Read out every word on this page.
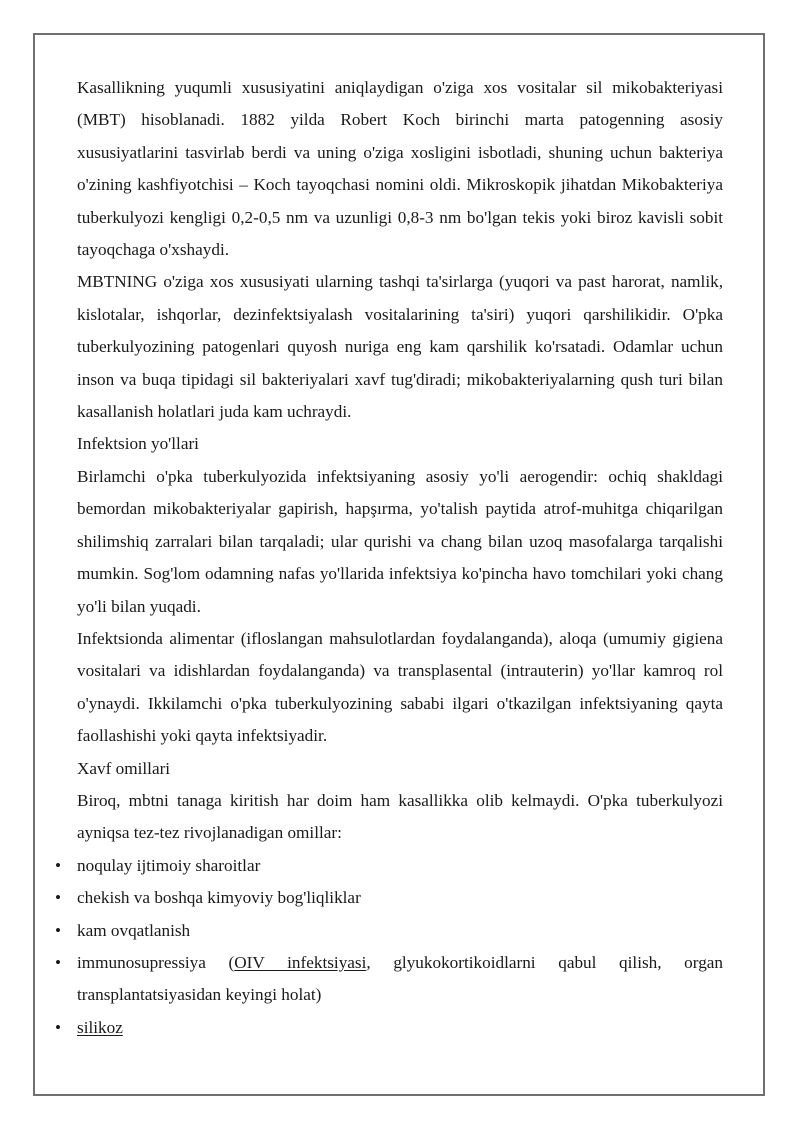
Kasallikning yuqumli xususiyatini aniqlaydigan o'ziga xos vositalar sil mikobakteriyasi (MBT) hisoblanadi. 1882 yilda Robert Koch birinchi marta patogenning asosiy xususiyatlarini tasvirlab berdi va uning o'ziga xosligini isbotladi, shuning uchun bakteriya o'zining kashfiyotchisi – Koch tayoqchasi nomini oldi. Mikroskopik jihatdan Mikobakteriya tuberkulyozi kengligi 0,2-0,5 nm va uzunligi 0,8-3 nm bo'lgan tekis yoki biroz kavisli sobit tayoqchaga o'xshaydi.

MBTNING o'ziga xos xususiyati ularning tashqi ta'sirlarga (yuqori va past harorat, namlik, kislotalar, ishqorlar, dezinfektsiyalash vositalarining ta'siri) yuqori qarshilikidir. O'pka tuberkulyozining patogenlari quyosh nuriga eng kam qarshilik ko'rsatadi. Odamlar uchun inson va buqa tipidagi sil bakteriyalari xavf tug'diradi; mikobakteriyalarning qush turi bilan kasallanish holatlari juda kam uchraydi.

Infektsion yo'llari

Birlamchi o'pka tuberkulyozida infektsiyaning asosiy yo'li aerogendir: ochiq shakldagi bemordan mikobakteriyalar gapirish, hapşırma, yo'talish paytida atrof-muhitga chiqarilgan shilimshiq zarralari bilan tarqaladi; ular qurishi va chang bilan uzoq masofalarga tarqalishi mumkin. Sog'lom odamning nafas yo'llarida infektsiya ko'pincha havo tomchilari yoki chang yo'li bilan yuqadi.

Infektsionda alimentar (ifloslangan mahsulotlardan foydalanganda), aloqa (umumiy gigiena vositalari va idishlardan foydalanganda) va transplasental (intrauterin) yo'llar kamroq rol o'ynaydi. Ikkilamchi o'pka tuberkulyozining sababi ilgari o'tkazilgan infektsiyaning qayta faollashishi yoki qayta infektsiyadir.

Xavf omillari

Biroq, mbtni tanaga kiritish har doim ham kasallikka olib kelmaydi. O'pka tuberkulyozi ayniqsa tez-tez rivojlanadigan omillar:

• noqulay ijtimoiy sharoitlar
• chekish va boshqa kimyoviy bog'liqliklar
• kam ovqatlanish
• immunosupressiya (OIV infektsiyasi, glyukokortikoidlarni qabul qilish, organ transplantatsiyasidan keyingi holat)
• silikoz
